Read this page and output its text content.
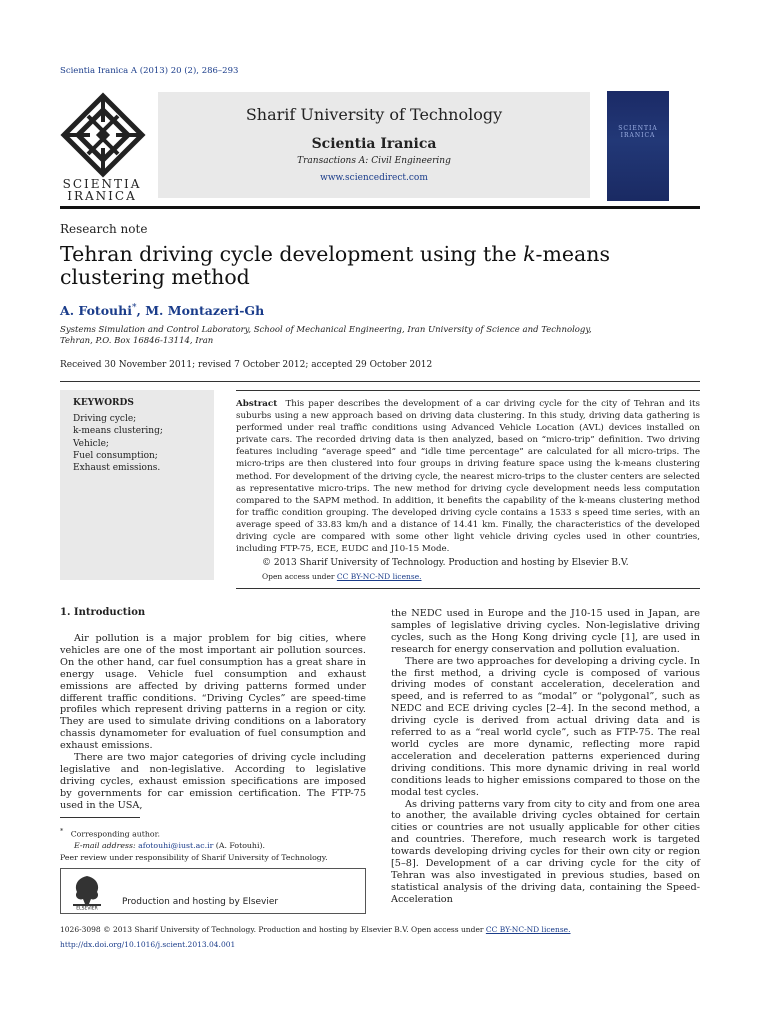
Scientia Iranica A (2013) 20 (2), 286–293
SCIENTIA IRANICA
Sharif University of Technology
Scientia Iranica
Transactions A: Civil Engineering
www.sciencedirect.com
SCIENTIA IRANICA
Research note
Tehran driving cycle development using the k-means clustering method
A. Fotouhi*, M. Montazeri-Gh
Systems Simulation and Control Laboratory, School of Mechanical Engineering, Iran University of Science and Technology, Tehran, P.O. Box 16846-13114, Iran
Received 30 November 2011; revised 7 October 2012; accepted 29 October 2012
KEYWORDS
Driving cycle;
k-means clustering;
Vehicle;
Fuel consumption;
Exhaust emissions.
Abstract This paper describes the development of a car driving cycle for the city of Tehran and its suburbs using a new approach based on driving data clustering. In this study, driving data gathering is performed under real traffic conditions using Advanced Vehicle Location (AVL) devices installed on private cars. The recorded driving data is then analyzed, based on “micro-trip” definition. Two driving features including “average speed” and “idle time percentage” are calculated for all micro-trips. The micro-trips are then clustered into four groups in driving feature space using the k-means clustering method. For development of the driving cycle, the nearest micro-trips to the cluster centers are selected as representative micro-trips. The new method for driving cycle development needs less computation compared to the SAPM method. In addition, it benefits the capability of the k-means clustering method for traffic condition grouping. The developed driving cycle contains a 1533 s speed time series, with an average speed of 33.83 km/h and a distance of 14.41 km. Finally, the characteristics of the developed driving cycle are compared with some other light vehicle driving cycles used in other countries, including FTP-75, ECE, EUDC and J10-15 Mode.
© 2013 Sharif University of Technology. Production and hosting by Elsevier B.V.
Open access under CC BY-NC-ND license.
1. Introduction

Air pollution is a major problem for big cities, where vehicles are one of the most important air pollution sources. On the other hand, car fuel consumption has a great share in energy usage. Vehicle fuel consumption and exhaust emissions are affected by driving patterns formed under different traffic conditions. “Driving Cycles” are speed-time profiles which represent driving patterns in a region or city. They are used to simulate driving conditions on a laboratory chassis dynamometer for evaluation of fuel consumption and exhaust emissions.

There are two major categories of driving cycle including legislative and non-legislative. According to legislative driving cycles, exhaust emission specifications are imposed by governments for car emission certification. The FTP-75 used in the USA,

the NEDC used in Europe and the J10-15 used in Japan, are samples of legislative driving cycles. Non-legislative driving cycles, such as the Hong Kong driving cycle [1], are used in research for energy conservation and pollution evaluation.

There are two approaches for developing a driving cycle. In the first method, a driving cycle is composed of various driving modes of constant acceleration, deceleration and speed, and is referred to as “modal” or “polygonal”, such as NEDC and ECE driving cycles [2–4]. In the second method, a driving cycle is derived from actual driving data and is referred to as a “real world cycle”, such as FTP-75. The real world cycles are more dynamic, reflecting more rapid acceleration and deceleration patterns experienced during driving conditions. This more dynamic driving in real world conditions leads to higher emissions compared to those on the modal test cycles.

As driving patterns vary from city to city and from one area to another, the available driving cycles obtained for certain cities or countries are not usually applicable for other cities and countries. Therefore, much research work is targeted towards developing driving cycles for their own city or region [5–8]. Development of a car driving cycle for the city of Tehran was also investigated in previous studies, based on statistical analysis of the driving data, containing the Speed-Acceleration

* Corresponding author.
E-mail address: afotouhi@iust.ac.ir (A. Fotouhi).
Peer review under responsibility of Sharif University of Technology.
ELSEVIER
Production and hosting by Elsevier
1026-3098 © 2013 Sharif University of Technology. Production and hosting by Elsevier B.V. Open access under CC BY-NC-ND license.
http://dx.doi.org/10.1016/j.scient.2013.04.001
